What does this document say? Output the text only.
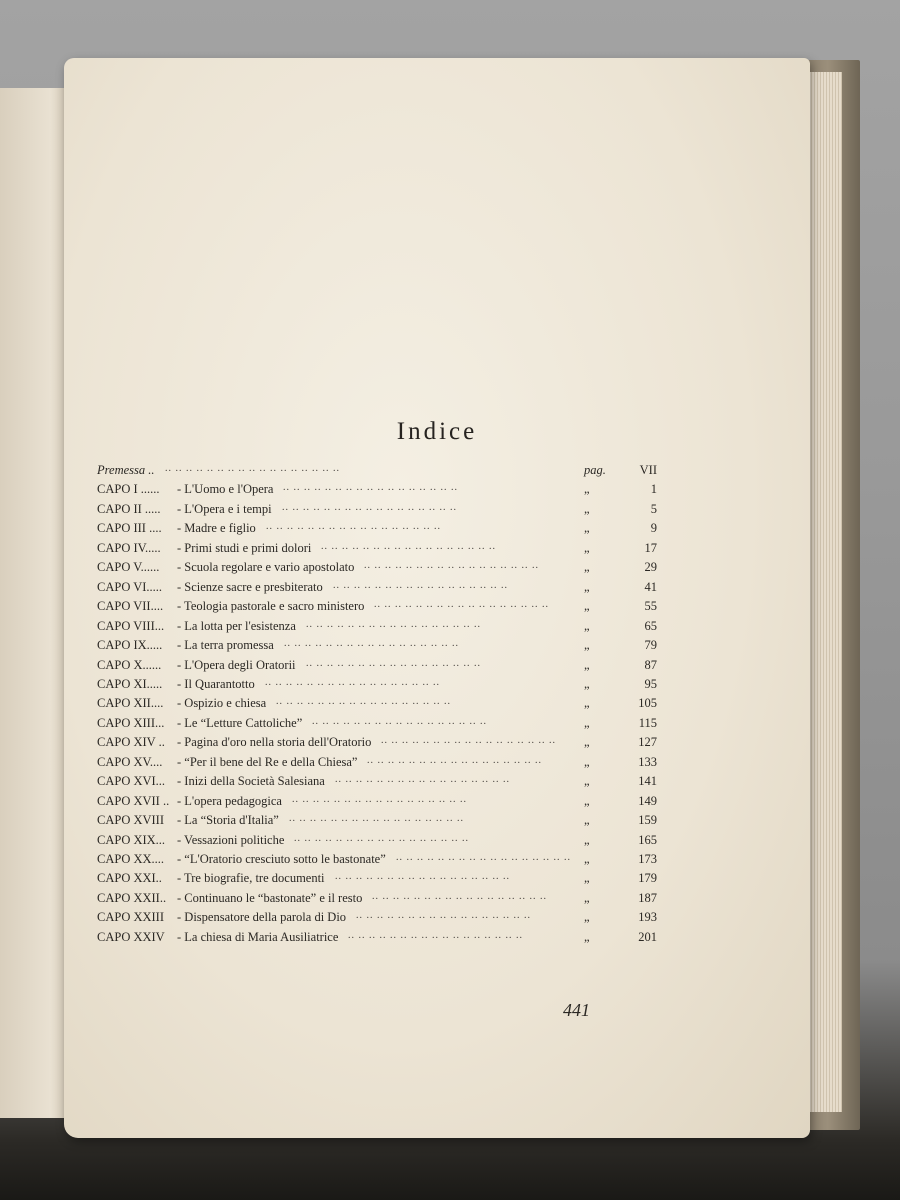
Indice
Premessa .. .. .. .. .. .. .. .. .. .. .. .. .. .. .. .. .. ..	pag.	VII
CAPO I ...... - L'Uomo e l'Opera .. .. .. .. .. .. .. .. .. .. .. .. .. .. .. .. ..	„	1
CAPO II ..... - L'Opera e i tempi .. .. .. .. .. .. .. .. .. .. .. .. .. .. .. .. ..	„	5
CAPO III .... - Madre e figlio .. .. .. .. .. .. .. .. .. .. .. .. .. .. .. .. ..	„	9
CAPO IV..... - Primi studi e primi dolori .. .. .. .. .. .. .. .. .. .. .. .. .. .. .. .. ..	„	17
CAPO V...... - Scuola regolare e vario apostolato .. .. .. .. .. .. .. .. .. .. .. .. .. .. .. .. ..	„	29
CAPO VI..... - Scienze sacre e presbiterato .. .. .. .. .. .. .. .. .. .. .. .. .. .. .. .. ..	„	41
CAPO VII.... - Teologia pastorale e sacro ministero .. .. .. .. .. .. .. .. .. .. .. .. .. .. .. .. ..	„	55
CAPO VIII... - La lotta per l'esistenza .. .. .. .. .. .. .. .. .. .. .. .. .. .. .. .. ..	„	65
CAPO IX..... - La terra promessa .. .. .. .. .. .. .. .. .. .. .. .. .. .. .. .. ..	„	79
CAPO X...... - L'Opera degli Oratorii .. .. .. .. .. .. .. .. .. .. .. .. .. .. .. .. ..	„	87
CAPO XI..... - Il Quarantotto .. .. .. .. .. .. .. .. .. .. .. .. .. .. .. .. ..	„	95
CAPO XII.... - Ospizio e chiesa .. .. .. .. .. .. .. .. .. .. .. .. .. .. .. .. ..	„	105
CAPO XIII... - Le “Letture Cattoliche” .. .. .. .. .. .. .. .. .. .. .. .. .. .. .. .. ..	„	115
CAPO XIV .. - Pagina d'oro nella storia dell'Oratorio .. .. .. .. .. .. .. .. .. .. .. .. .. .. .. .. ..	„	127
CAPO XV.... - “Per il bene del Re e della Chiesa” .. .. .. .. .. .. .. .. .. .. .. .. .. .. .. .. ..	„	133
CAPO XVI... - Inizi della Società Salesiana .. .. .. .. .. .. .. .. .. .. .. .. .. .. .. .. ..	„	141
CAPO XVII .. - L'opera pedagogica .. .. .. .. .. .. .. .. .. .. .. .. .. .. .. .. ..	„	149
CAPO XVIII - La “Storia d'Italia” .. .. .. .. .. .. .. .. .. .. .. .. .. .. .. .. ..	„	159
CAPO XIX... - Vessazioni politiche .. .. .. .. .. .. .. .. .. .. .. .. .. .. .. .. ..	„	165
CAPO XX.... - “L'Oratorio cresciuto sotto le bastonate” .. .. .. .. .. .. .. .. .. .. .. .. .. .. .. .. ..	„	173
CAPO XXI.. - Tre biografie, tre documenti .. .. .. .. .. .. .. .. .. .. .. .. .. .. .. .. ..	„	179
CAPO XXII.. - Continuano le “bastonate” e il resto .. .. .. .. .. .. .. .. .. .. .. .. .. .. .. .. ..	„	187
CAPO XXIII - Dispensatore della parola di Dio .. .. .. .. .. .. .. .. .. .. .. .. .. .. .. .. ..	„	193
CAPO XXIV - La chiesa di Maria Ausiliatrice .. .. .. .. .. .. .. .. .. .. .. .. .. .. .. .. ..	„	201
441
